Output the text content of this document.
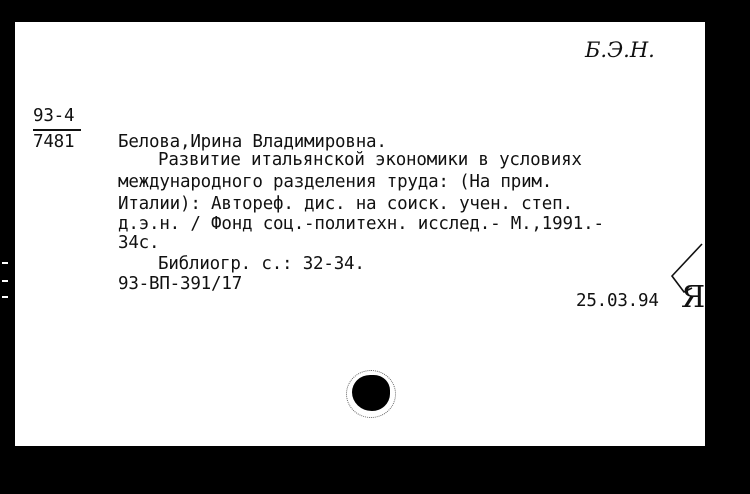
Б.Э.Н.
93-4
7481 Белова,Ирина Владимировна.
Развитие итальянской экономики в условиях
международного разделения труда: (На прим.
Италии): Автореф. дис. на соиск. учен. степ.
д.э.н. / Фонд соц.-политехн. исслед.- М.,1991.-
34с.
Библиогр. с.: 32-34.
93-ВП-391/17
25.03.94 Я
